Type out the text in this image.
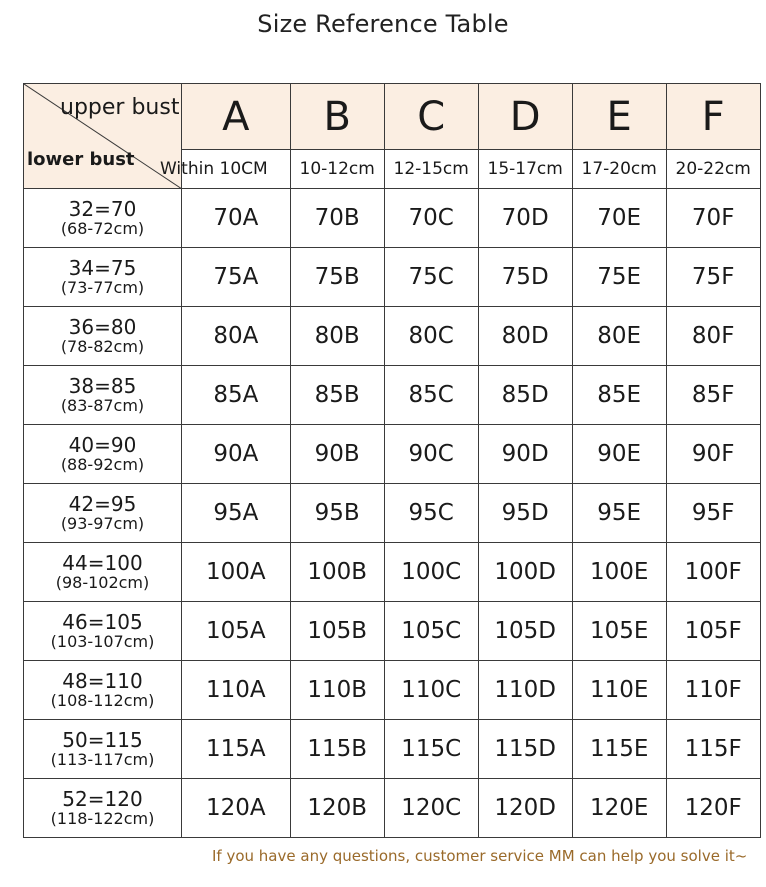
Size Reference Table
upper bust
lower bust	A	B	C	D	E	F
	Within 10CM	10-12cm	12-15cm	15-17cm	17-20cm	20-22cm

32=70
(68-72cm)	70A	70B	70C	70D	70E	70F

34=75
(73-77cm)	75A	75B	75C	75D	75E	75F

36=80
(78-82cm)	80A	80B	80C	80D	80E	80F

38=85
(83-87cm)	85A	85B	85C	85D	85E	85F

40=90
(88-92cm)	90A	90B	90C	90D	90E	90F

42=95
(93-97cm)	95A	95B	95C	95D	95E	95F

44=100
(98-102cm)	100A	100B	100C	100D	100E	100F

46=105
(103-107cm)	105A	105B	105C	105D	105E	105F

48=110
(108-112cm)	110A	110B	110C	110D	110E	110F

50=115
(113-117cm)	115A	115B	115C	115D	115E	115F

52=120
(118-122cm)	120A	120B	120C	120D	120E	120F
If you have any questions, customer service MM can help you solve it~
